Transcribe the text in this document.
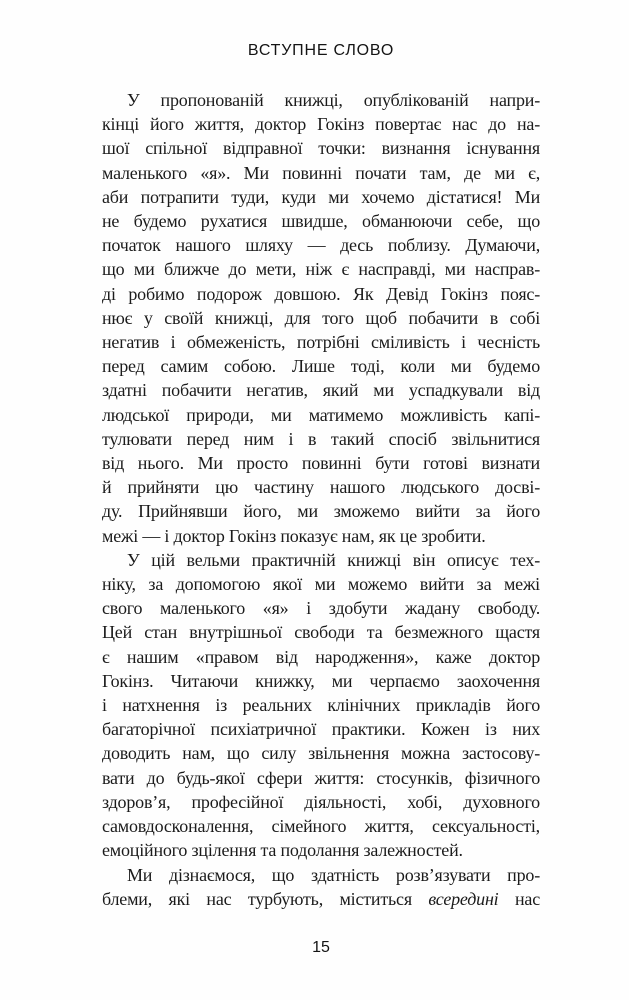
ВСТУПНЕ СЛОВО
У пропонованій книжці, опублікованій напри-
кінці його життя, доктор Гокінз повертає нас до на-
шої спільної відправної точки: визнання існування
маленького «я». Ми повинні почати там, де ми є,
аби потрапити туди, куди ми хочемо дістатися! Ми
не будемо рухатися швидше, обманюючи себе, що
початок нашого шляху — десь поблизу. Думаючи,
що ми ближче до мети, ніж є насправді, ми насправ-
ді робимо подорож довшою. Як Девід Гокінз пояс-
нює у своїй книжці, для того щоб побачити в собі
негатив і обмеженість, потрібні сміливість і чесність
перед самим собою. Лише тоді, коли ми будемо
здатні побачити негатив, який ми успадкували від
людської природи, ми матимемо можливість капі-
тулювати перед ним і в такий спосіб звільнитися
від нього. Ми просто повинні бути готові визнати
й прийняти цю частину нашого людського досві-
ду. Прийнявши його, ми зможемо вийти за його
межі — і доктор Гокінз показує нам, як це зробити.
У цій вельми практичній книжці він описує тех-
ніку, за допомогою якої ми можемо вийти за межі
свого маленького «я» і здобути жадану свободу.
Цей стан внутрішньої свободи та безмежного щастя
є нашим «правом від народження», каже доктор
Гокінз. Читаючи книжку, ми черпаємо заохочення
і натхнення із реальних клінічних прикладів його
багаторічної психіатричної практики. Кожен із них
доводить нам, що силу звільнення можна застосову-
вати до будь-якої сфери життя: стосунків, фізичного
здоров’я, професійної діяльності, хобі, духовного
самовдосконалення, сімейного життя, сексуальності,
емоційного зцілення та подолання залежностей.
Ми дізнаємося, що здатність розв’язувати про-
блеми, які нас турбують, міститься всередині нас
15
